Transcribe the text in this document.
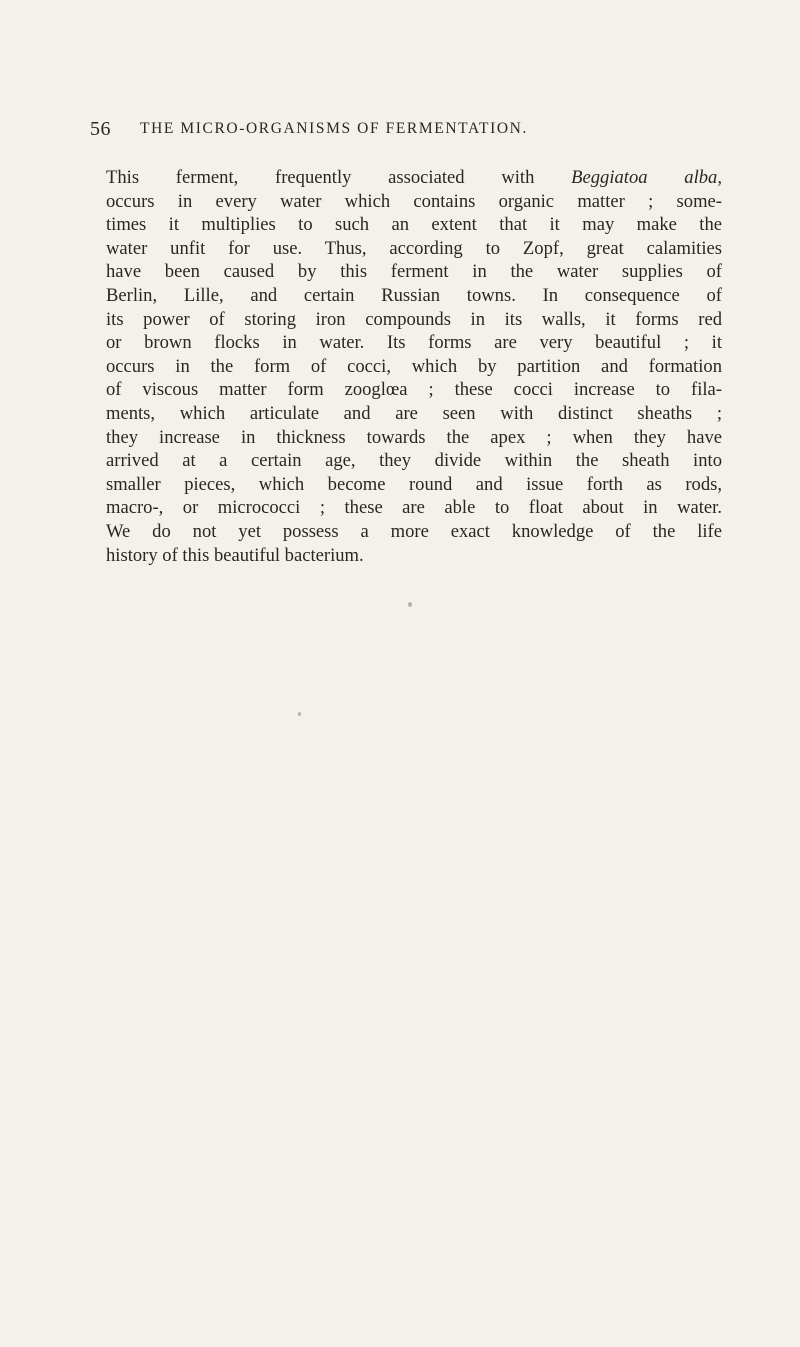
56 THE MICRO-ORGANISMS OF FERMENTATION.
This ferment, frequently associated with Beggiatoa alba,
occurs in every water which contains organic matter ; some-
times it multiplies to such an extent that it may make the
water unfit for use. Thus, according to Zopf, great calamities
have been caused by this ferment in the water supplies of
Berlin, Lille, and certain Russian towns. In consequence of
its power of storing iron compounds in its walls, it forms red
or brown flocks in water. Its forms are very beautiful ; it
occurs in the form of cocci, which by partition and formation
of viscous matter form zooglœa ; these cocci increase to fila-
ments, which articulate and are seen with distinct sheaths ;
they increase in thickness towards the apex ; when they have
arrived at a certain age, they divide within the sheath into
smaller pieces, which become round and issue forth as rods,
macro-, or micrococci ; these are able to float about in water.
We do not yet possess a more exact knowledge of the life
history of this beautiful bacterium.
